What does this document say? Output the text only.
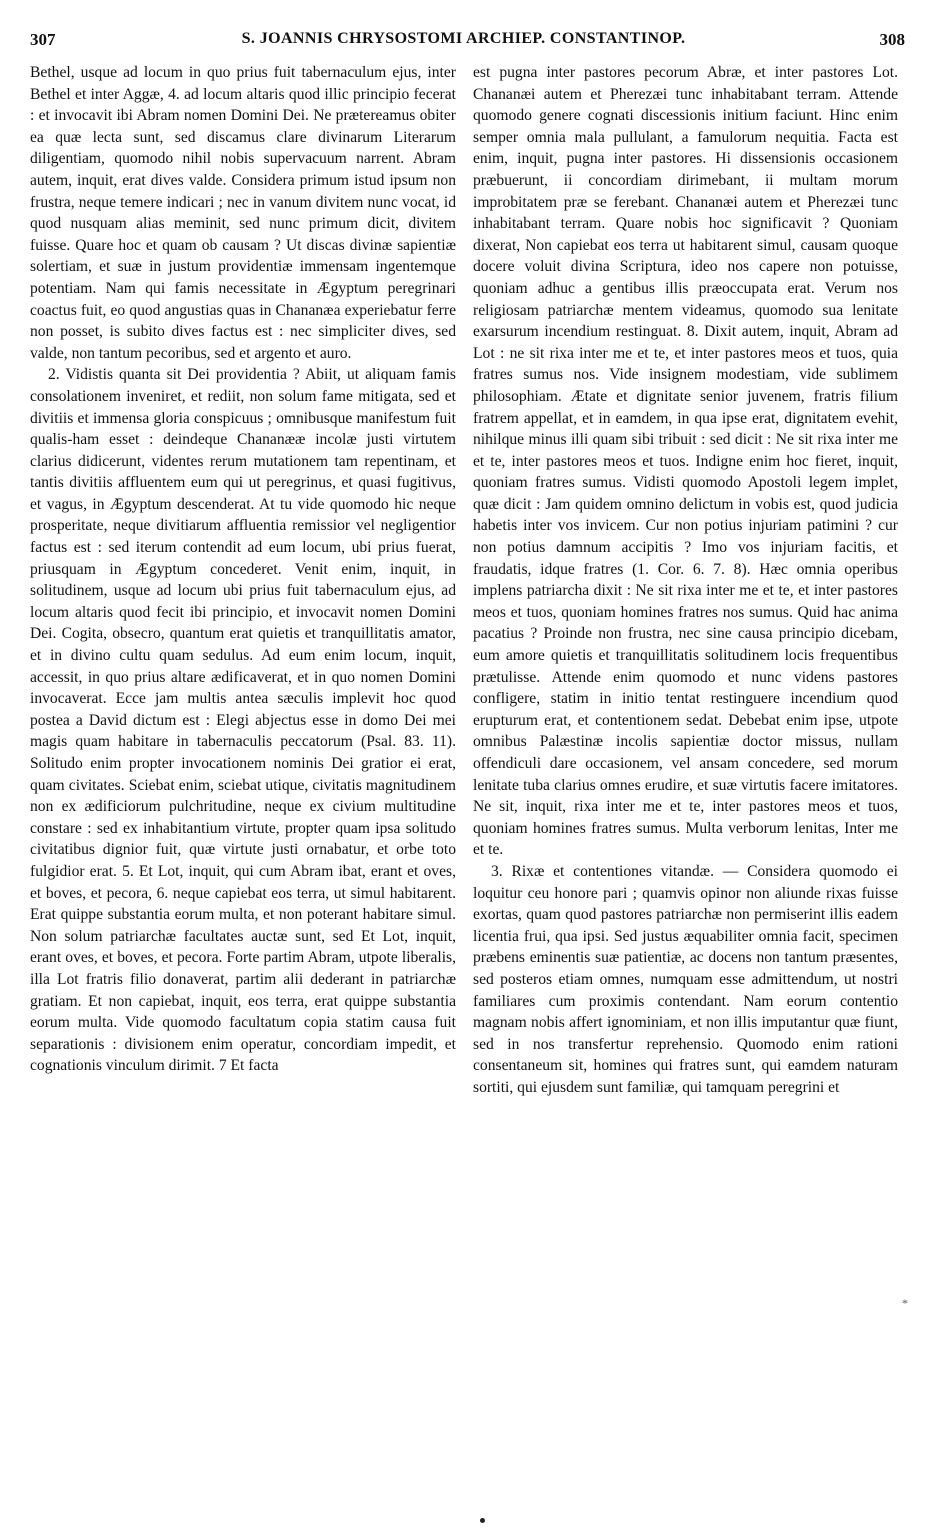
307	S. JOANNIS CHRYSOSTOMI ARCHIEP. CONSTANTINOP.	308

Bethel, usque ad locum in quo prius fuit tabernaculum ejus, inter Bethel et inter Aggæ, 4. ad locum altaris quod illic principio fecerat : et invocavit ibi Abram nomen Domini Dei. Ne prætereamus obiter ea quæ lecta sunt, sed discamus clare divinarum Literarum diligentiam, quomodo nihil nobis supervacuum narrent. Abram autem, inquit, erat dives valde. Considera primum istud ipsum non frustra, neque temere indicari ; nec in vanum divitem nunc vocat, id quod nusquam alias meminit, sed nunc primum dicit, divitem fuisse. Quare hoc et quam ob causam ? Ut discas divinæ sapientiæ solertiam, et suæ in justum providentiæ immensam ingentemque potentiam. Nam qui famis necessitate in Ægyptum peregrinari coactus fuit, eo quod angustias quas in Chananæa experiebatur ferre non posset, is subito dives factus est : nec simpliciter dives, sed valde, non tantum pecoribus, sed et argento et auro.

2. Vidistis quanta sit Dei providentia ? Abiit, ut aliquam famis consolationem inveniret, et rediit, non solum fame mitigata, sed et divitiis et immensa gloria conspicuus ; omnibusque manifestum fuit qualis-ham esset : deindeque Chananææ incolæ justi virtutem clarius didicerunt, videntes rerum mutationem tam repentinam, et tantis divitiis affluentem eum qui ut peregrinus, et quasi fugitivus, et vagus, in Ægyptum descenderat. At tu vide quomodo hic neque prosperitate, neque divitiarum affluentia remissior vel negligentior factus est : sed iterum contendit ad eum locum, ubi prius fuerat, priusquam in Ægyptum concederet. Venit enim, inquit, in solitudinem, usque ad locum ubi prius fuit tabernaculum ejus, ad locum altaris quod fecit ibi principio, et invocavit nomen Domini Dei. Cogita, obsecro, quantum erat quietis et tranquillitatis amator, et in divino cultu quam sedulus. Ad eum enim locum, inquit, accessit, in quo prius altare ædificaverat, et in quo nomen Domini invocaverat. Ecce jam multis antea sæculis implevit hoc quod postea a David dictum est : Elegi abjectus esse in domo Dei mei magis quam habitare in tabernaculis peccatorum (Psal. 83. 11). Solitudo enim propter invocationem nominis Dei gratior ei erat, quam civitates. Sciebat enim, sciebat utique, civitatis magnitudinem non ex ædificiorum pulchritudine, neque ex civium multitudine constare : sed ex inhabitantium virtute, propter quam ipsa solitudo civitatibus dignior fuit, quæ virtute justi ornabatur, et orbe toto fulgidior erat. 5. Et Lot, inquit, qui cum Abram ibat, erant et oves, et boves, et pecora, 6. neque capiebat eos terra, ut simul habitarent. Erat quippe substantia eorum multa, et non poterant habitare simul. Non solum patriarchæ facultates auctæ sunt, sed Et Lot, inquit, erant oves, et boves, et pecora. Forte partim Abram, utpote liberalis, illa Lot fratris filio donaverat, partim alii dederant in patriarchæ gratiam. Et non capiebat, inquit, eos terra, erat quippe substantia eorum multa. Vide quomodo facultatum copia statim causa fuit separationis : divisionem enim operatur, concordiam impedit, et cognationis vinculum dirimit. 7 Et facta

est pugna inter pastores pecorum Abræ, et inter pastores Lot. Chananæi autem et Pherezæi tunc inhabitabant terram. Attende quomodo genere cognati discessionis initium faciunt. Hinc enim semper omnia mala pullulant, a famulorum nequitia. Facta est enim, inquit, pugna inter pastores. Hi dissensionis occasionem præbuerunt, ii concordiam dirimebant, ii multam morum improbitatem præ se ferebant. Chananæi autem et Pherezæi tunc inhabitabant terram. Quare nobis hoc significavit ? Quoniam dixerat, Non capiebat eos terra ut habitarent simul, causam quoque docere voluit divina Scriptura, ideo nos capere non potuisse, quoniam adhuc a gentibus illis præoccupata erat. Verum nos religiosam patriarchæ mentem videamus, quomodo sua lenitate exarsurum incendium restinguat. 8. Dixit autem, inquit, Abram ad Lot : ne sit rixa inter me et te, et inter pastores meos et tuos, quia fratres sumus nos. Vide insignem modestiam, vide sublimem philosophiam. Ætate et dignitate senior juvenem, fratris filium fratrem appellat, et in eamdem, in qua ipse erat, dignitatem evehit, nihilque minus illi quam sibi tribuit : sed dicit : Ne sit rixa inter me et te, inter pastores meos et tuos. Indigne enim hoc fieret, inquit, quoniam fratres sumus. Vidisti quomodo Apostoli legem implet, quæ dicit : Jam quidem omnino delictum in vobis est, quod judicia habetis inter vos invicem. Cur non potius injuriam patimini ? cur non potius damnum accipitis ? Imo vos injuriam facitis, et fraudatis, idque fratres (1. Cor. 6. 7. 8). Hæc omnia operibus implens patriarcha dixit : Ne sit rixa inter me et te, et inter pastores meos et tuos, quoniam homines fratres nos sumus. Quid hac anima pacatius ? Proinde non frustra, nec sine causa principio dicebam, eum amore quietis et tranquillitatis solitudinem locis frequentibus prætulisse. Attende enim quomodo et nunc videns pastores confligere, statim in initio tentat restinguere incendium quod erupturum erat, et contentionem sedat. Debebat enim ipse, utpote omnibus Palæstinæ incolis sapientiæ doctor missus, nullam offendiculi dare occasionem, vel ansam concedere, sed morum lenitate tuba clarius omnes erudire, et suæ virtutis facere imitatores. Ne sit, inquit, rixa inter me et te, inter pastores meos et tuos, quoniam homines fratres sumus. Multa verborum lenitas, Inter me et te.

3. Rixæ et contentiones vitandæ. — Considera quomodo ei loquitur ceu honore pari ; quamvis opinor non aliunde rixas fuisse exortas, quam quod pastores patriarchæ non permiserint illis eadem licentia frui, qua ipsi. Sed justus æquabiliter omnia facit, specimen præbens eminentis suæ patientiæ, ac docens non tantum præsentes, sed posteros etiam omnes, numquam esse admittendum, ut nostri familiares cum proximis contendant. Nam eorum contentio magnam nobis affert ignominiam, et non illis imputantur quæ fiunt, sed in nos transfertur reprehensio. Quomodo enim rationi consentaneum sit, homines qui fratres sunt, qui eamdem naturam sortiti, qui ejusdem sunt familiæ, qui tamquam peregrini et

*
